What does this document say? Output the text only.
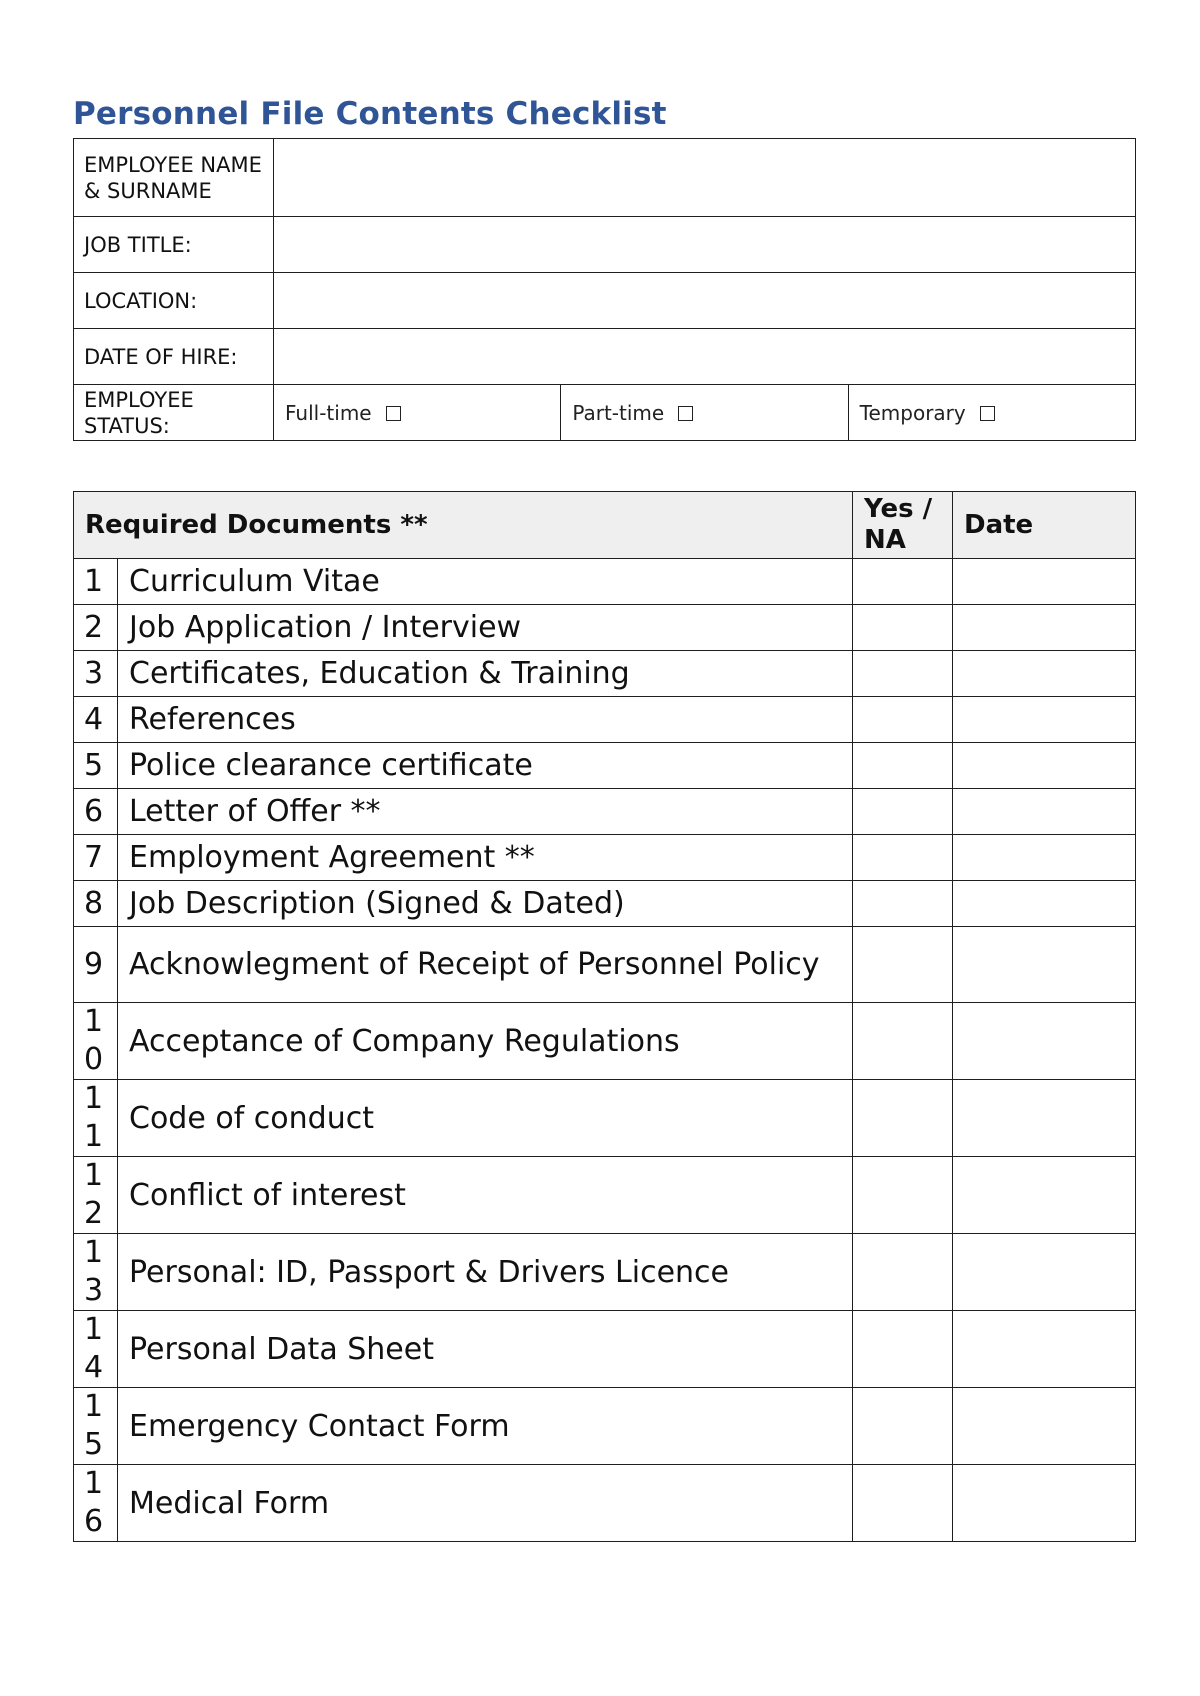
Personnel File Contents Checklist
EMPLOYEE NAME & SURNAME			
JOB TITLE:			
LOCATION:			
DATE OF HIRE:			
EMPLOYEE STATUS:	Full-time	Part-time	Temporary
Required Documents **		Yes / NA	Date
1	Curriculum Vitae		
2	Job Application / Interview		
3	Certificates, Education & Training		
4	References		
5	Police clearance certificate		
6	Letter of Offer **		
7	Employment Agreement **		
8	Job Description (Signed & Dated)		
9	Acknowlegment of Receipt of Personnel Policy		
10	Acceptance of Company Regulations		
11	Code of conduct		
12	Conflict of interest		
13	Personal: ID, Passport & Drivers Licence		
14	Personal Data Sheet		
15	Emergency Contact Form		
16	Medical Form		
